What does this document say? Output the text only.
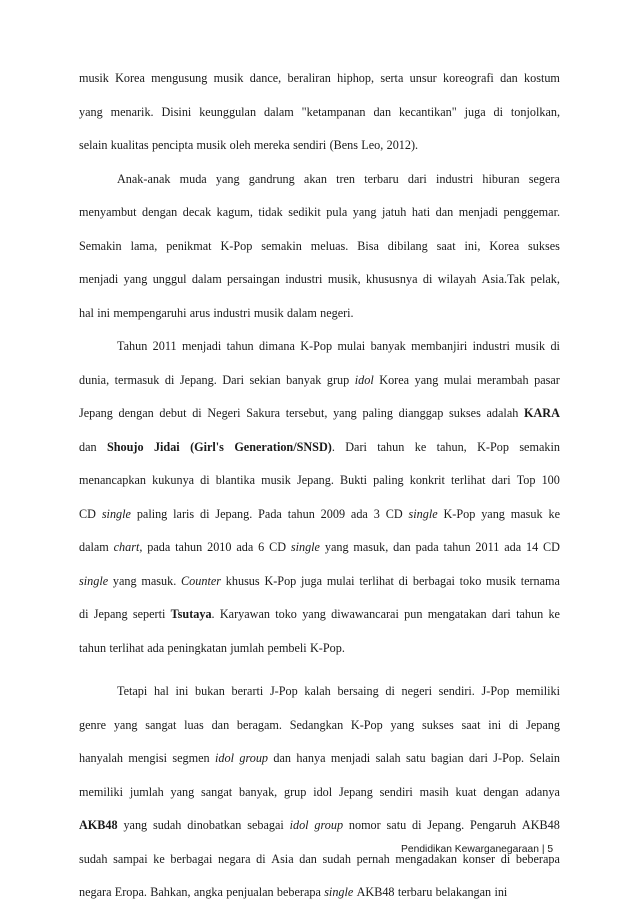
musik Korea mengusung musik dance, beraliran hiphop, serta unsur koreografi dan kostum
yang menarik. Disini keunggulan dalam "ketampanan dan kecantikan" juga di tonjolkan,
selain kualitas pencipta musik oleh mereka sendiri (Bens Leo, 2012).
Anak-anak muda yang gandrung akan tren terbaru dari industri hiburan segera
menyambut dengan decak kagum, tidak sedikit pula yang jatuh hati dan menjadi penggemar.
Semakin lama, penikmat K-Pop semakin meluas. Bisa dibilang saat ini, Korea sukses
menjadi yang unggul dalam persaingan industri musik, khususnya di wilayah Asia.Tak pelak,
hal ini mempengaruhi arus industri musik dalam negeri.
Tahun 2011 menjadi tahun dimana K-Pop mulai banyak membanjiri industri musik di
dunia, termasuk di Jepang. Dari sekian banyak grup idol Korea yang mulai merambah pasar
Jepang dengan debut di Negeri Sakura tersebut, yang paling dianggap sukses adalah KARA
dan Shoujo Jidai (Girl's Generation/SNSD). Dari tahun ke tahun, K-Pop semakin
menancapkan kukunya di blantika musik Jepang. Bukti paling konkrit terlihat dari Top 100
CD single paling laris di Jepang. Pada tahun 2009 ada 3 CD single K-Pop yang masuk ke
dalam chart, pada tahun 2010 ada 6 CD single yang masuk, dan pada tahun 2011 ada 14 CD
single yang masuk. Counter khusus K-Pop juga mulai terlihat di berbagai toko musik ternama
di Jepang seperti Tsutaya. Karyawan toko yang diwawancarai pun mengatakan dari tahun ke
tahun terlihat ada peningkatan jumlah pembeli K-Pop.
Tetapi hal ini bukan berarti J-Pop kalah bersaing di negeri sendiri. J-Pop memiliki
genre yang sangat luas dan beragam. Sedangkan K-Pop yang sukses saat ini di Jepang
hanyalah mengisi segmen idol group dan hanya menjadi salah satu bagian dari J-Pop. Selain
memiliki jumlah yang sangat banyak, grup idol Jepang sendiri masih kuat dengan adanya
AKB48 yang sudah dinobatkan sebagai idol group nomor satu di Jepang. Pengaruh AKB48
sudah sampai ke berbagai negara di Asia dan sudah pernah mengadakan konser di beberapa
negara Eropa. Bahkan, angka penjualan beberapa single AKB48 terbaru belakangan ini
Pendidikan Kewarganegaraan | 5
